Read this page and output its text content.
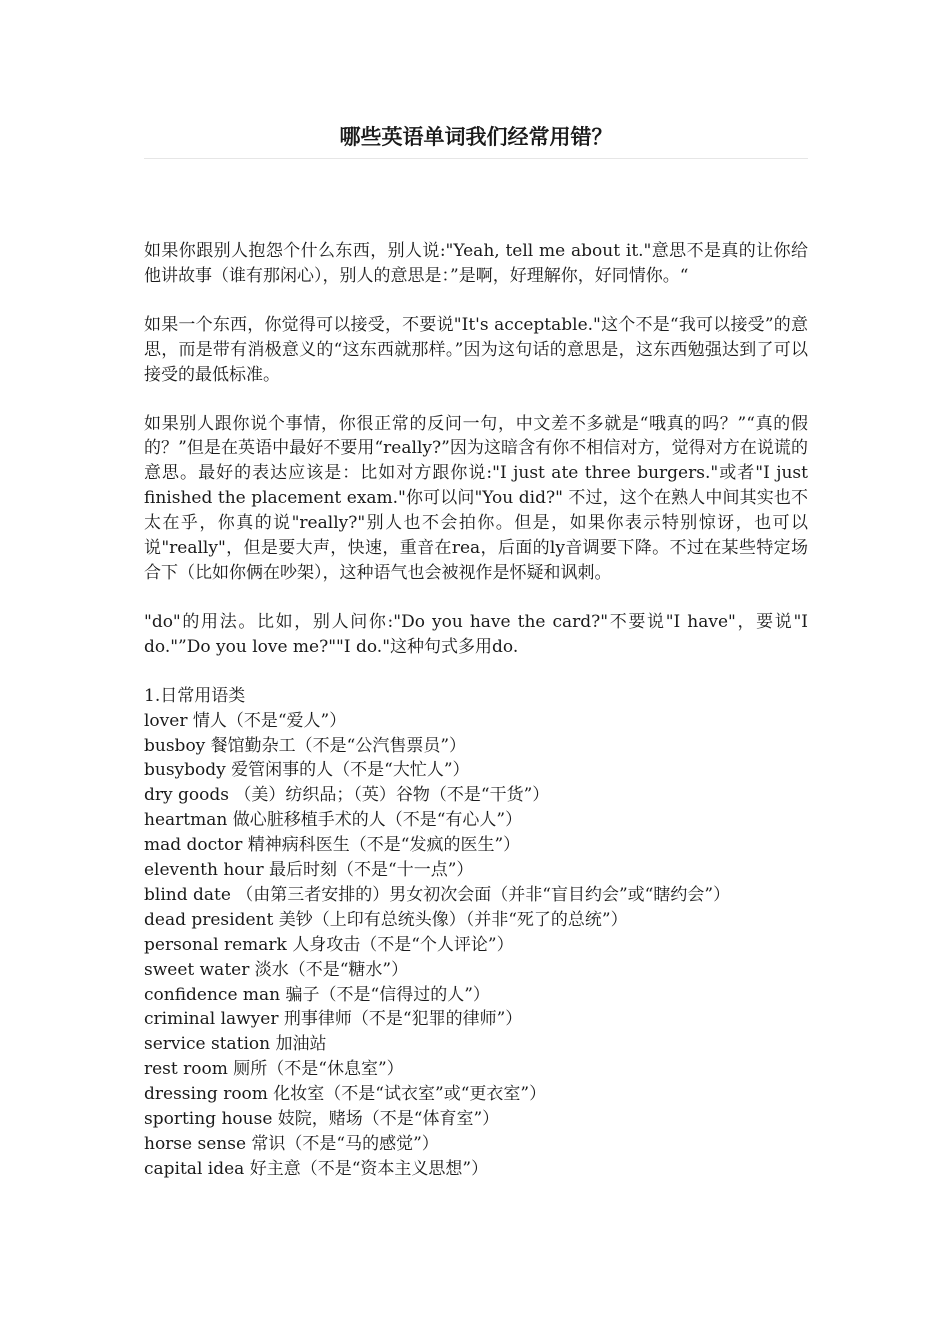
哪些英语单词我们经常用错？

如果你跟别人抱怨个什么东西，别人说:"Yeah, tell me about it."意思不是真的让你给他讲故事（谁有那闲心），别人的意思是：”是啊，好理解你，好同情你。“

如果一个东西，你觉得可以接受，不要说"It's acceptable."这个不是“我可以接受”的意思，而是带有消极意义的“这东西就那样。”因为这句话的意思是，这东西勉强达到了可以接受的最低标准。

如果别人跟你说个事情，你很正常的反问一句，中文差不多就是“哦真的吗？”“真的假的？”但是在英语中最好不要用“really?”因为这暗含有你不相信对方，觉得对方在说谎的意思。最好的表达应该是：比如对方跟你说:"I just ate three burgers."或者"I just finished the placement exam."你可以问"You did?" 不过，这个在熟人中间其实也不太在乎，你真的说"really?"别人也不会拍你。但是，如果你表示特别惊讶，也可以说"really"，但是要大声，快速，重音在rea，后面的ly音调要下降。不过在某些特定场合下（比如你俩在吵架），这种语气也会被视作是怀疑和讽刺。

"do"的用法。比如，别人问你:"Do you have the card?"不要说"I have"，要说"I do."”Do you love me?""I do."这种句式多用do.

1.日常用语类
lover 情人（不是“爱人”）
busboy 餐馆勤杂工（不是“公汽售票员”）
busybody 爱管闲事的人（不是“大忙人”）
dry goods （美）纺织品；（英）谷物（不是“干货”）
heartman 做心脏移植手术的人（不是“有心人”）
mad doctor 精神病科医生（不是“发疯的医生”）
eleventh hour 最后时刻（不是“十一点”）
blind date （由第三者安排的）男女初次会面（并非“盲目约会”或“瞎约会”）
dead president 美钞（上印有总统头像）（并非“死了的总统”）
personal remark 人身攻击（不是“个人评论”）
sweet water 淡水（不是“糖水”）
confidence man 骗子（不是“信得过的人”）
criminal lawyer 刑事律师（不是“犯罪的律师”）
service station 加油站
rest room 厕所（不是“休息室”）
dressing room 化妆室（不是“试衣室”或“更衣室”）
sporting house 妓院，赌场（不是“体育室”）
horse sense 常识（不是“马的感觉”）
capital idea 好主意（不是“资本主义思想”）
